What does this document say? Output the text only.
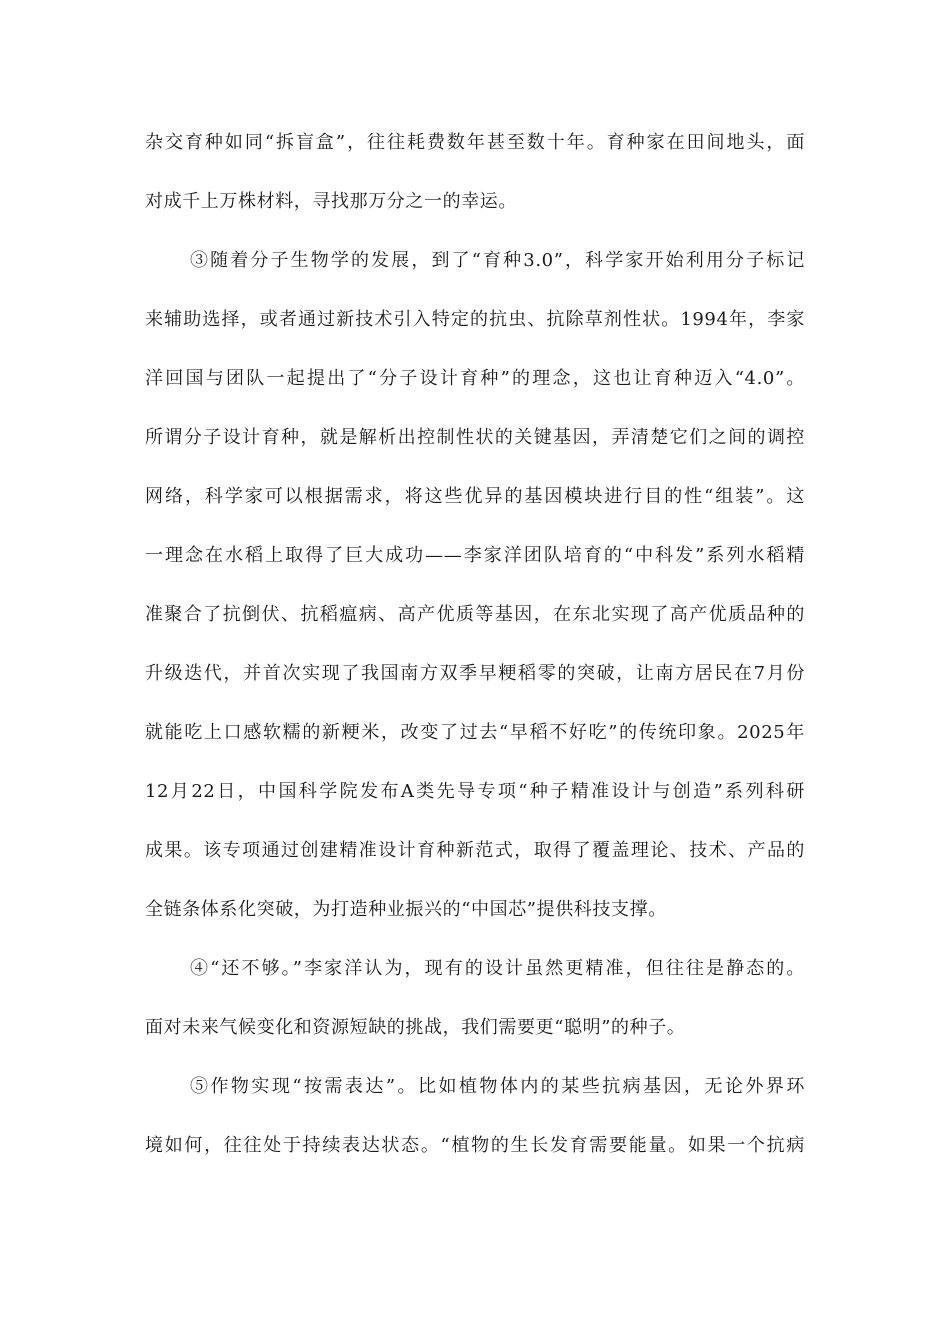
杂交育种如同“拆盲盒”，往往耗费数年甚至数十年。育种家在田间地头，面
对成千上万株材料，寻找那万分之一的幸运。
③随着分子生物学的发展，到了“育种3.0”，科学家开始利用分子标记
来辅助选择，或者通过新技术引入特定的抗虫、抗除草剂性状。1994年，李家
洋回国与团队一起提出了“分子设计育种”的理念，这也让育种迈入“4.0”。
所谓分子设计育种，就是解析出控制性状的关键基因，弄清楚它们之间的调控
网络，科学家可以根据需求，将这些优异的基因模块进行目的性“组装”。这
一理念在水稻上取得了巨大成功——李家洋团队培育的“中科发”系列水稻精
准聚合了抗倒伏、抗稻瘟病、高产优质等基因，在东北实现了高产优质品种的
升级迭代，并首次实现了我国南方双季早粳稻零的突破，让南方居民在7月份
就能吃上口感软糯的新粳米，改变了过去“早稻不好吃”的传统印象。2025年
12月22日，中国科学院发布A类先导专项“种子精准设计与创造”系列科研
成果。该专项通过创建精准设计育种新范式，取得了覆盖理论、技术、产品的
全链条体系化突破，为打造种业振兴的“中国芯”提供科技支撑。
④“还不够。”李家洋认为，现有的设计虽然更精准，但往往是静态的。
面对未来气候变化和资源短缺的挑战，我们需要更“聪明”的种子。
⑤作物实现“按需表达”。比如植物体内的某些抗病基因，无论外界环
境如何，往往处于持续表达状态。“植物的生长发育需要能量。如果一个抗病
